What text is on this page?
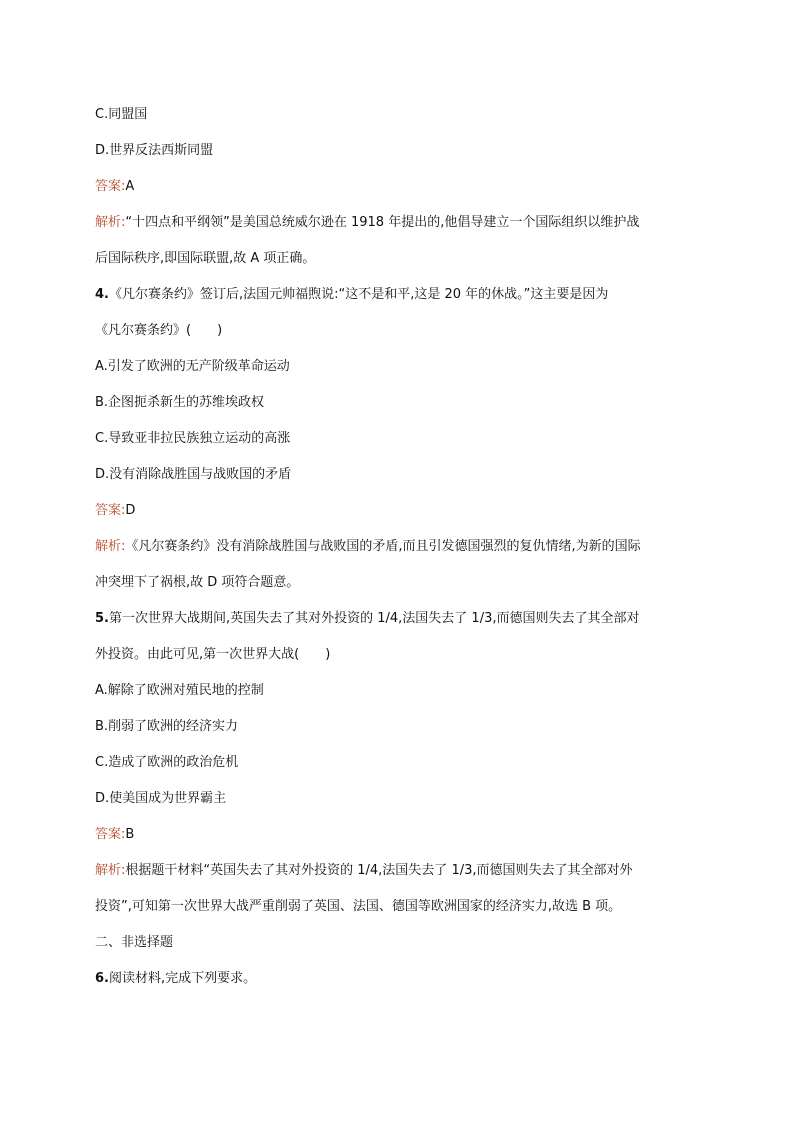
C.同盟国
D.世界反法西斯同盟
答案:A
解析:“十四点和平纲领”是美国总统威尔逊在 1918 年提出的,他倡导建立一个国际组织以维护战
后国际秩序,即国际联盟,故 A 项正确。
4.《凡尔赛条约》签订后,法国元帅福煦说:“这不是和平,这是 20 年的休战。”这主要是因为
《凡尔赛条约》(　　)
A.引发了欧洲的无产阶级革命运动
B.企图扼杀新生的苏维埃政权
C.导致亚非拉民族独立运动的高涨
D.没有消除战胜国与战败国的矛盾
答案:D
解析:《凡尔赛条约》没有消除战胜国与战败国的矛盾,而且引发德国强烈的复仇情绪,为新的国际
冲突埋下了祸根,故 D 项符合题意。
5.第一次世界大战期间,英国失去了其对外投资的 1/4,法国失去了 1/3,而德国则失去了其全部对
外投资。由此可见,第一次世界大战(　　)
A.解除了欧洲对殖民地的控制
B.削弱了欧洲的经济实力
C.造成了欧洲的政治危机
D.使美国成为世界霸主
答案:B
解析:根据题干材料“英国失去了其对外投资的 1/4,法国失去了 1/3,而德国则失去了其全部对外
投资”,可知第一次世界大战严重削弱了英国、法国、德国等欧洲国家的经济实力,故选 B 项。
二、非选择题
6.阅读材料,完成下列要求。
